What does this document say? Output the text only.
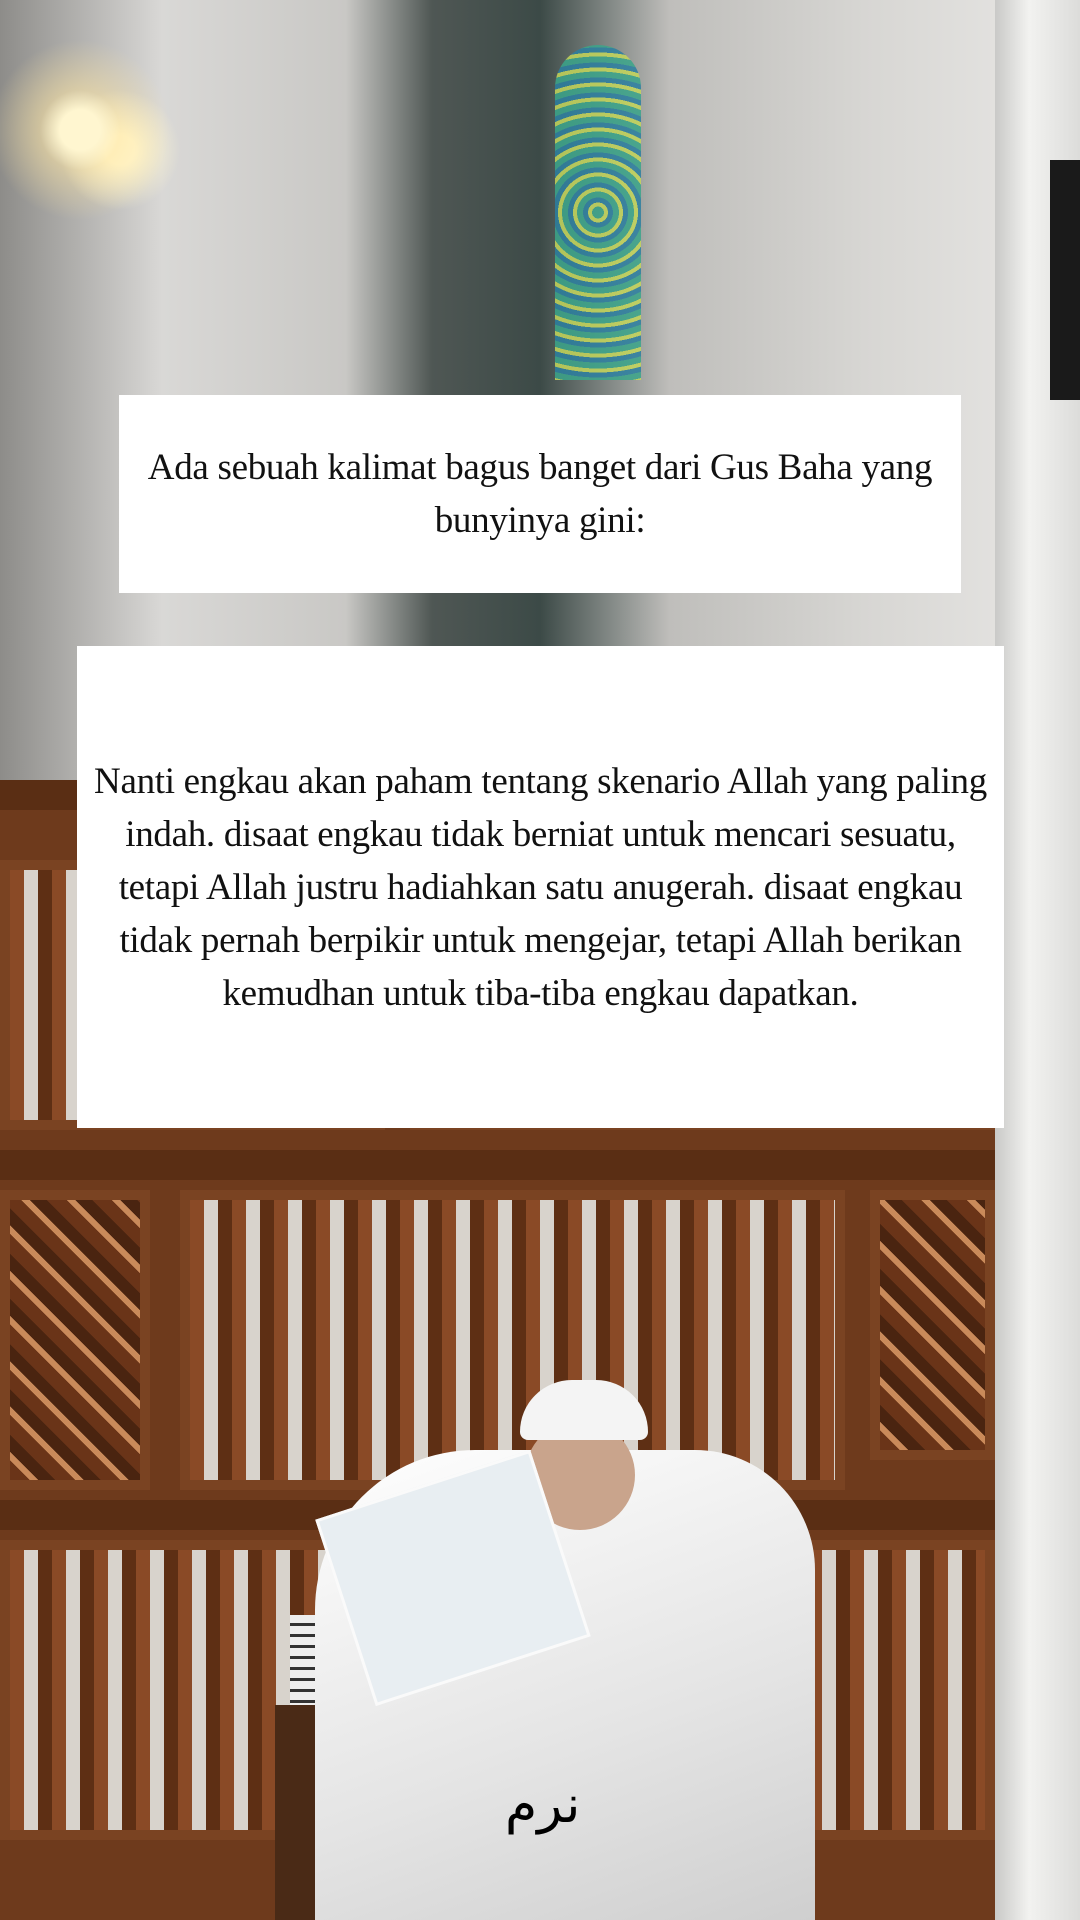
Ada sebuah kalimat bagus banget dari Gus Baha yang bunyinya gini:
Nanti engkau akan paham tentang skenario Allah yang paling indah. disaat engkau tidak berniat untuk mencari sesuatu, tetapi Allah justru hadiahkan satu anugerah. disaat engkau tidak pernah berpikir untuk mengejar, tetapi Allah berikan kemudhan untuk tiba-tiba engkau dapatkan.
نرم
